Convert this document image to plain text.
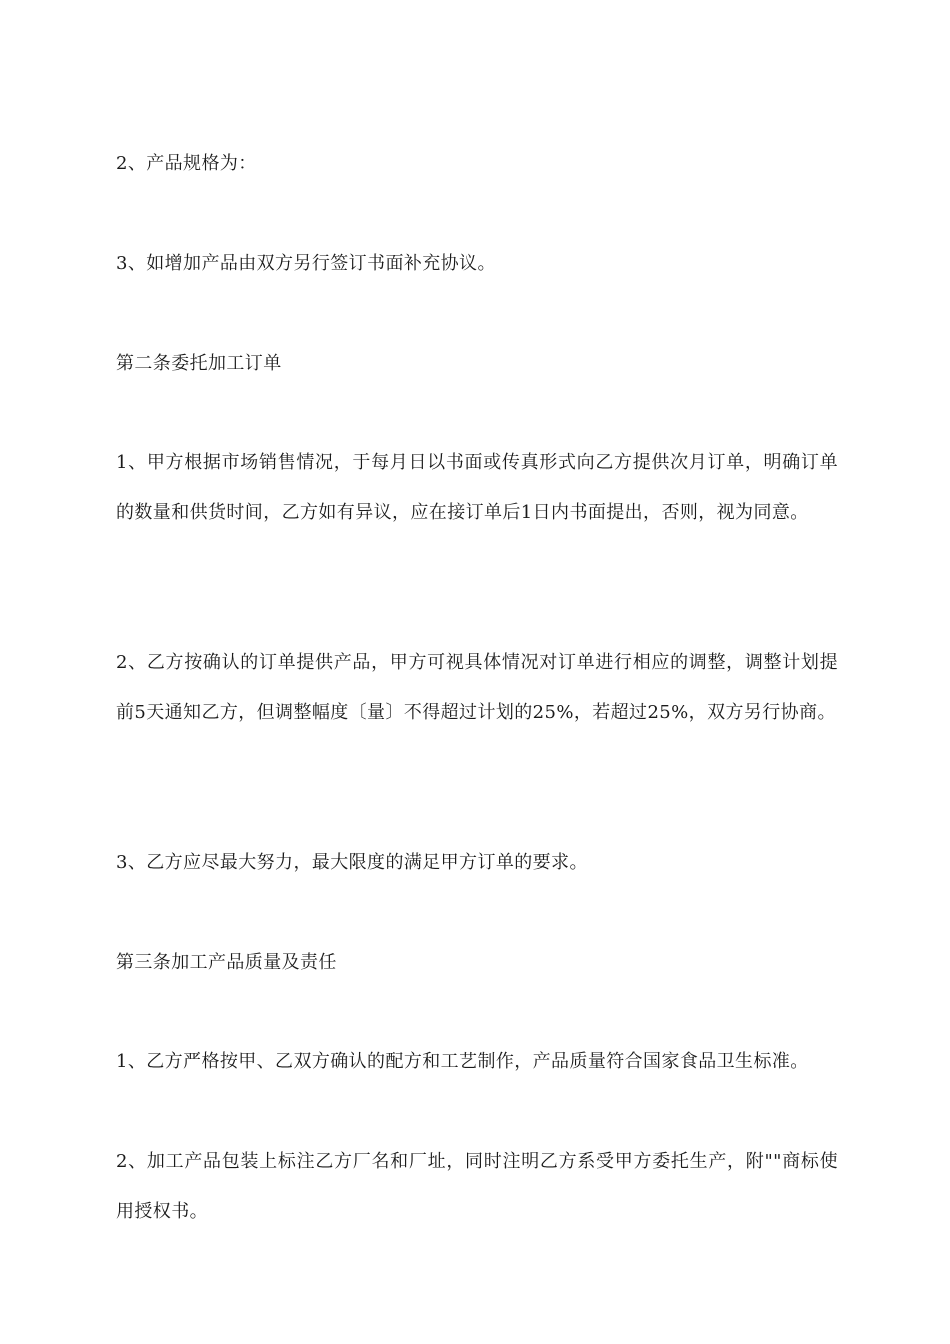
2、产品规格为：

3、如增加产品由双方另行签订书面补充协议。

第二条委托加工订单

1、甲方根据市场销售情况，于每月日以书面或传真形式向乙方提供次月订单，明确订单的数量和供货时间，乙方如有异议，应在接订单后1日内书面提出，否则，视为同意。

2、乙方按确认的订单提供产品，甲方可视具体情况对订单进行相应的调整，调整计划提前5天通知乙方，但调整幅度〔量〕不得超过计划的25%，若超过25%，双方另行协商。

3、乙方应尽最大努力，最大限度的满足甲方订单的要求。

第三条加工产品质量及责任

1、乙方严格按甲、乙双方确认的配方和工艺制作，产品质量符合国家食品卫生标准。

2、加工产品包装上标注乙方厂名和厂址，同时注明乙方系受甲方委托生产，附""商标使用授权书。
